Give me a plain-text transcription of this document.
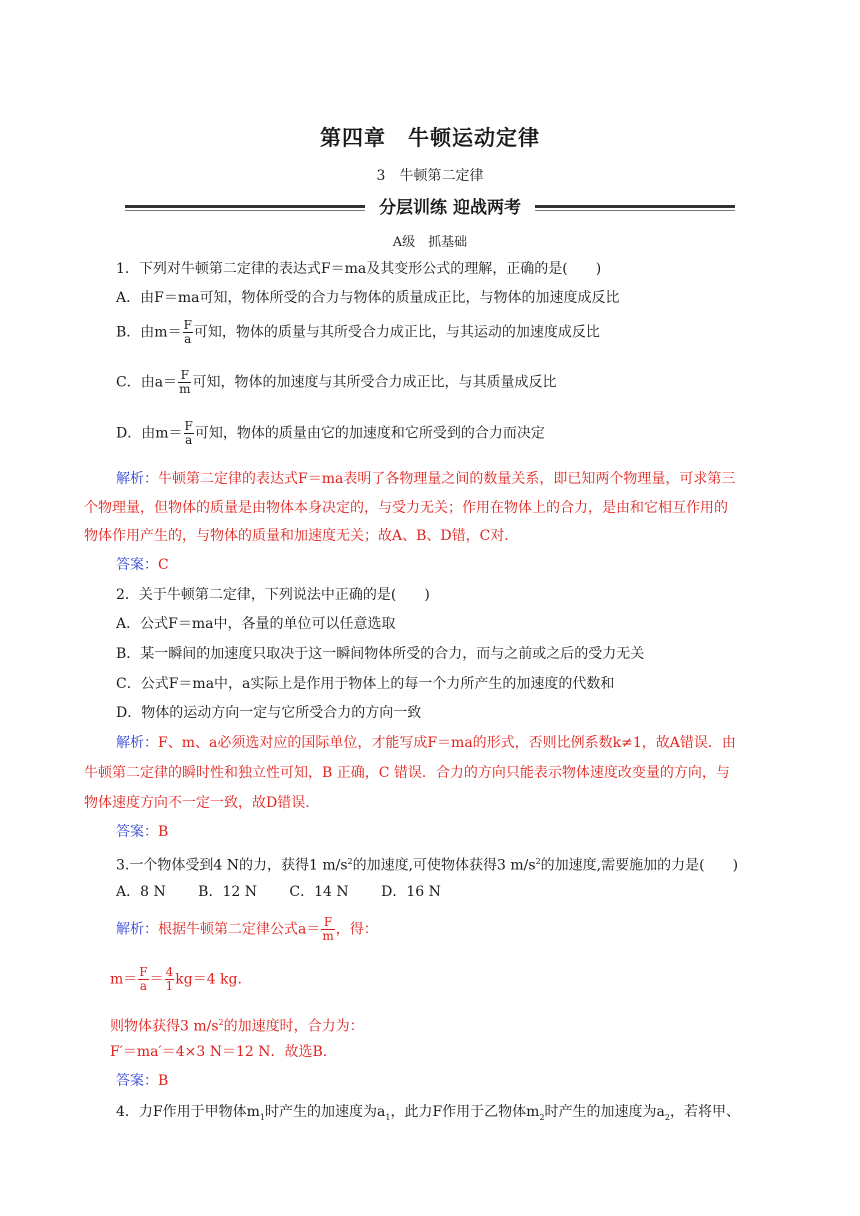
第四章　牛顿运动定律
3　牛顿第二定律
分层训练 迎战两考
A级　抓基础
1．下列对牛顿第二定律的表达式F＝ma及其变形公式的理解，正确的是(　　)
A．由F＝ma可知，物体所受的合力与物体的质量成正比，与物体的加速度成反比
B．由$m= \frac{F}{a}$ 可知，物体的质量与其所受合力成正比，与其运动的加速度成反比
C．由$a= \frac{F}{m}$ 可知，物体的加速度与其所受合力成正比，与其质量成反比
D．由$m= \frac{F}{a}$ 可知，物体的质量由它的加速度和它所受到的合力而决定
解析：牛顿第二定律的表达式F＝ma表明了各物理量之间的数量关系，即已知两个物理量，可求第三
个物理量，但物体的质量是由物体本身决定的，与受力无关；作用在物体上的合力，是由和它相互作用的
物体作用产生的，与物体的质量和加速度无关；故A、B、D错，C对．
答案：C
2．关于牛顿第二定律，下列说法中正确的是(　　)
A．公式F＝ma中，各量的单位可以任意选取
B．某一瞬间的加速度只取决于这一瞬间物体所受的合力，而与之前或之后的受力无关
C．公式F＝ma中，a实际上是作用于物体上的每一个力所产生的加速度的代数和
D．物体的运动方向一定与它所受合力的方向一致
解析：F、m、a必须选对应的国际单位，才能写成F＝ma的形式，否则比例系数k≠1，故A错误．由
牛顿第二定律的瞬时性和独立性可知，B 正确，C 错误．合力的方向只能表示物体速度改变量的方向，与
物体速度方向不一定一致，故D错误.
答案：B
3.一个物体受到4 N的力，获得1 $m/s^2$的加速度,可使物体获得3 $m/s^2$的加速度,需要施加的力是(　　)
A．8 N　　 B．12 N　　 C．14 N　　 D．16 N
解析：根据牛顿第二定律公式$a= \frac{F}{m}$ ，得：
$m= \frac{F}{a} = \frac{4}{1} kg=4$ kg.
则物体获得3 $m/s^2$的加速度时，合力为：
F′＝ma′＝4×3 N＝12 N．故选B.
答案：B
4．力F作用于甲物体$m_1$时产生的加速度为$a_1$，此力F作用于乙物体$m_2$时产生的加速度为$a_2$，若将甲、
